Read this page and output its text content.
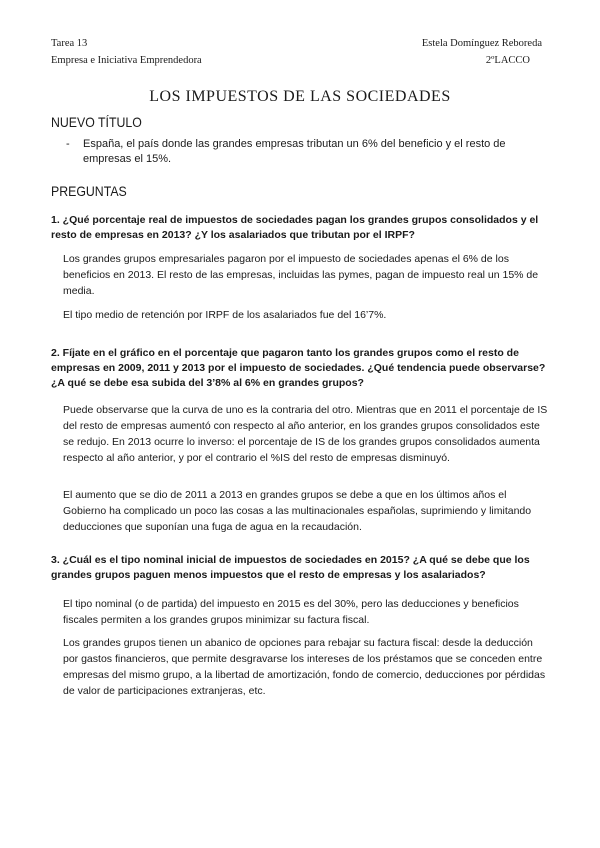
Tarea 13	Estela Domínguez Reboreda
Empresa e Iniciativa Emprendedora	2ºLACCO
LOS IMPUESTOS DE LAS SOCIEDADES
NUEVO TÍTULO
-	España, el país donde las grandes empresas tributan un 6% del beneficio y el resto de empresas el 15%.
PREGUNTAS
1. ¿Qué porcentaje real de impuestos de sociedades pagan los grandes grupos consolidados y el resto de empresas en 2013? ¿Y los asalariados que tributan por el IRPF?
Los grandes grupos empresariales pagaron por el impuesto de sociedades apenas el 6% de los beneficios en 2013. El resto de las empresas, incluidas las pymes, pagan de impuesto real un 15% de media.
El tipo medio de retención por IRPF de los asalariados fue del 16’7%.
2. Fíjate en el gráfico en el porcentaje que pagaron tanto los grandes grupos como el resto de empresas en 2009, 2011 y 2013 por el impuesto de sociedades. ¿Qué tendencia puede observarse? ¿A qué se debe esa subida del 3’8% al 6% en grandes grupos?
Puede observarse que la curva de uno es la contraria del otro. Mientras que en 2011 el porcentaje de IS del resto de empresas aumentó con respecto al año anterior, en los grandes grupos consolidados este se redujo. En 2013 ocurre lo inverso: el porcentaje de IS de los grandes grupos consolidados aumenta respecto al año anterior, y por el contrario el %IS del resto de empresas disminuyó.
El aumento que se dio de 2011 a 2013 en grandes grupos se debe a que en los últimos años el Gobierno ha complicado un poco las cosas a las multinacionales españolas, suprimiendo y limitando deducciones que suponían una fuga de agua en la recaudación.
3. ¿Cuál es el tipo nominal inicial de impuestos de sociedades en 2015? ¿A qué se debe que los grandes grupos paguen menos impuestos que el resto de empresas y los asalariados?
El tipo nominal (o de partida) del impuesto en 2015 es del 30%, pero las deducciones y beneficios fiscales permiten a los grandes grupos minimizar su factura fiscal.
Los grandes grupos tienen un abanico de opciones para rebajar su factura fiscal: desde la deducción por gastos financieros, que permite desgravarse los intereses de los préstamos que se conceden entre empresas del mismo grupo, a la libertad de amortización, fondo de comercio, deducciones por pérdidas de valor de participaciones extranjeras, etc.
